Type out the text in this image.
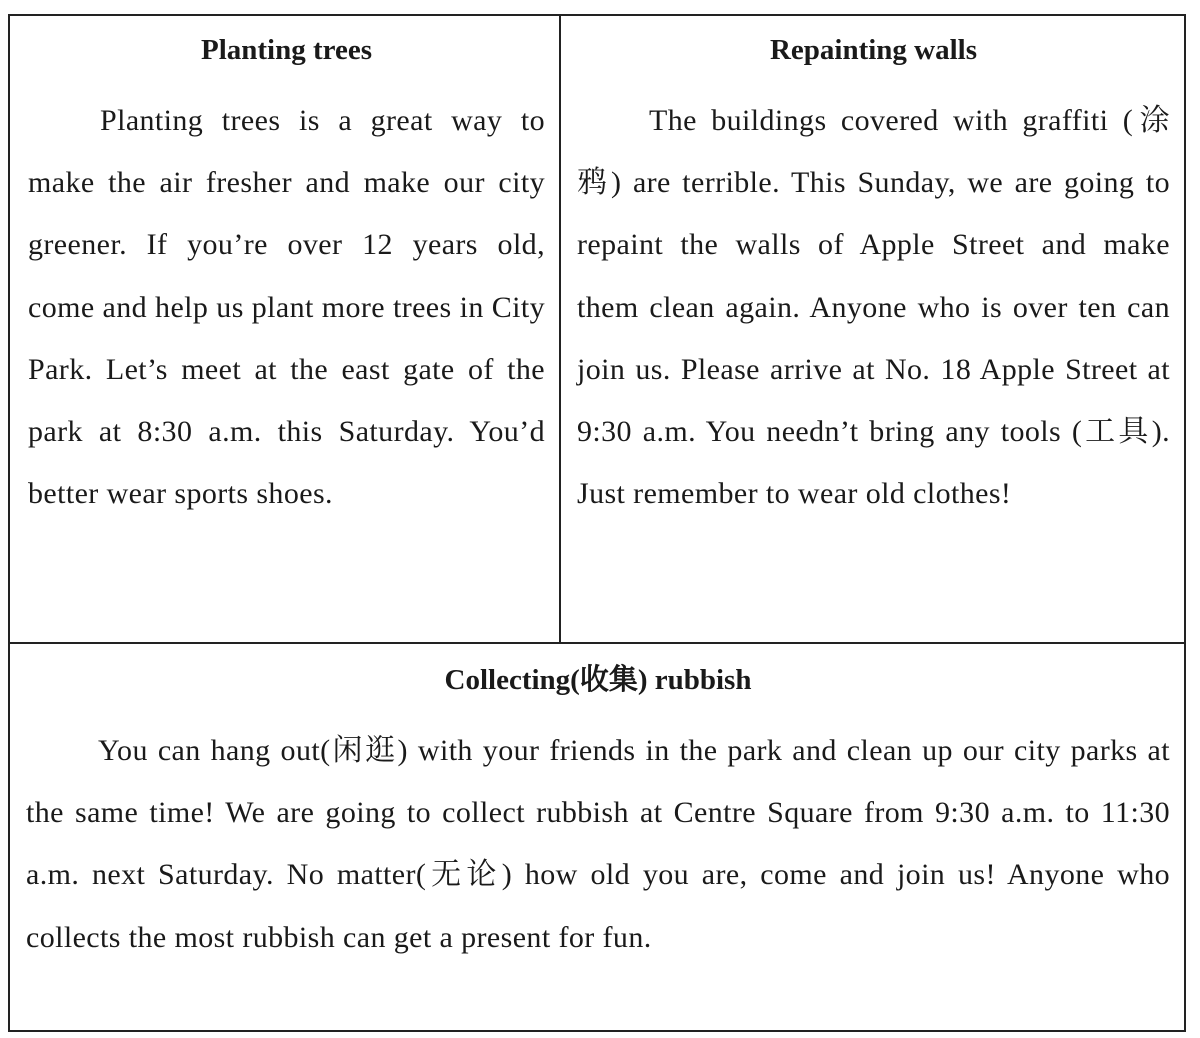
Planting trees

Planting trees is a great way to make the air fresher and make our city greener. If you’re over 12 years old, come and help us plant more trees in City Park. Let’s meet at the east gate of the park at 8:30 a.m. this Saturday. You’d better wear sports shoes.

Repainting walls

The buildings covered with graffiti (涂鸦) are terrible. This Sunday, we are going to repaint the walls of Apple Street and make them clean again. Anyone who is over ten can join us. Please arrive at No. 18 Apple Street at 9:30 a.m. You needn’t bring any tools (工具). Just remember to wear old clothes!

Collecting(收集) rubbish

You can hang out(闲逛) with your friends in the park and clean up our city parks at the same time! We are going to collect rubbish at Centre Square from 9:30 a.m. to 11:30 a.m. next Saturday. No matter(无论) how old you are, come and join us! Anyone who collects the most rubbish can get a present for fun.
